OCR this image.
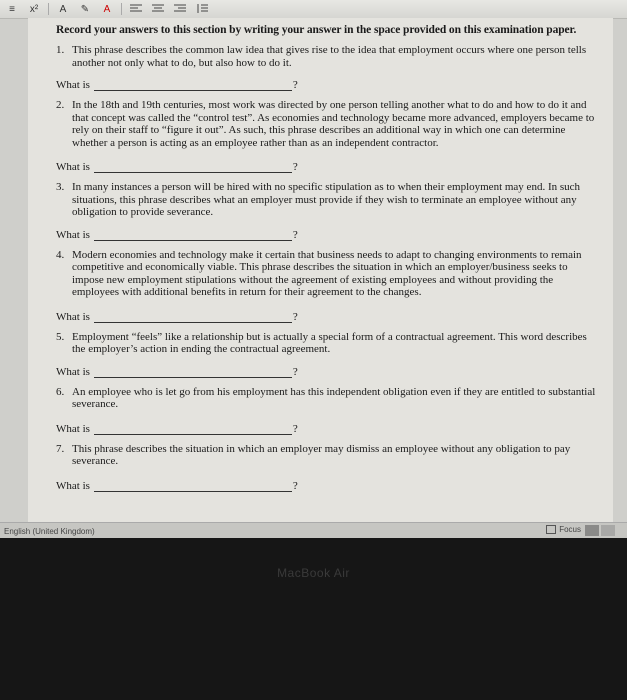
≡	x²	A	✎	A

Record your answers to this section by writing your answer in the space provided on this examination paper.

1. This phrase describes the common law idea that gives rise to the idea that employment occurs where one person tells another not only what to do, but also how to do it.
What is	?
2. In the 18th and 19th centuries, most work was directed by one person telling another what to do and how to do it and that concept was called the “control test”. As economies and technology became more advanced, employers became to rely on their staff to “figure it out”. As such, this phrase describes an additional way in which one can determine whether a person is acting as an employee rather than as an independent contractor.
What is	?
3. In many instances a person will be hired with no specific stipulation as to when their employment may end. In such situations, this phrase describes what an employer must provide if they wish to terminate an employee without any obligation to provide severance.
What is	?
4. Modern economies and technology make it certain that business needs to adapt to changing environments to remain competitive and economically viable. This phrase describes the situation in which an employer/business seeks to impose new employment stipulations without the agreement of existing employees and without providing the employees with additional benefits in return for their agreement to the changes.
What is	?
5. Employment “feels” like a relationship but is actually a special form of a contractual agreement. This word describes the employer’s action in ending the contractual agreement.
What is	?
6. An employee who is let go from his employment has this independent obligation even if they are entitled to substantial severance.
What is	?
7. This phrase describes the situation in which an employer may dismiss an employee without any obligation to pay severance.
What is	?
English (United Kingdom)	Focus
MacBook Air
